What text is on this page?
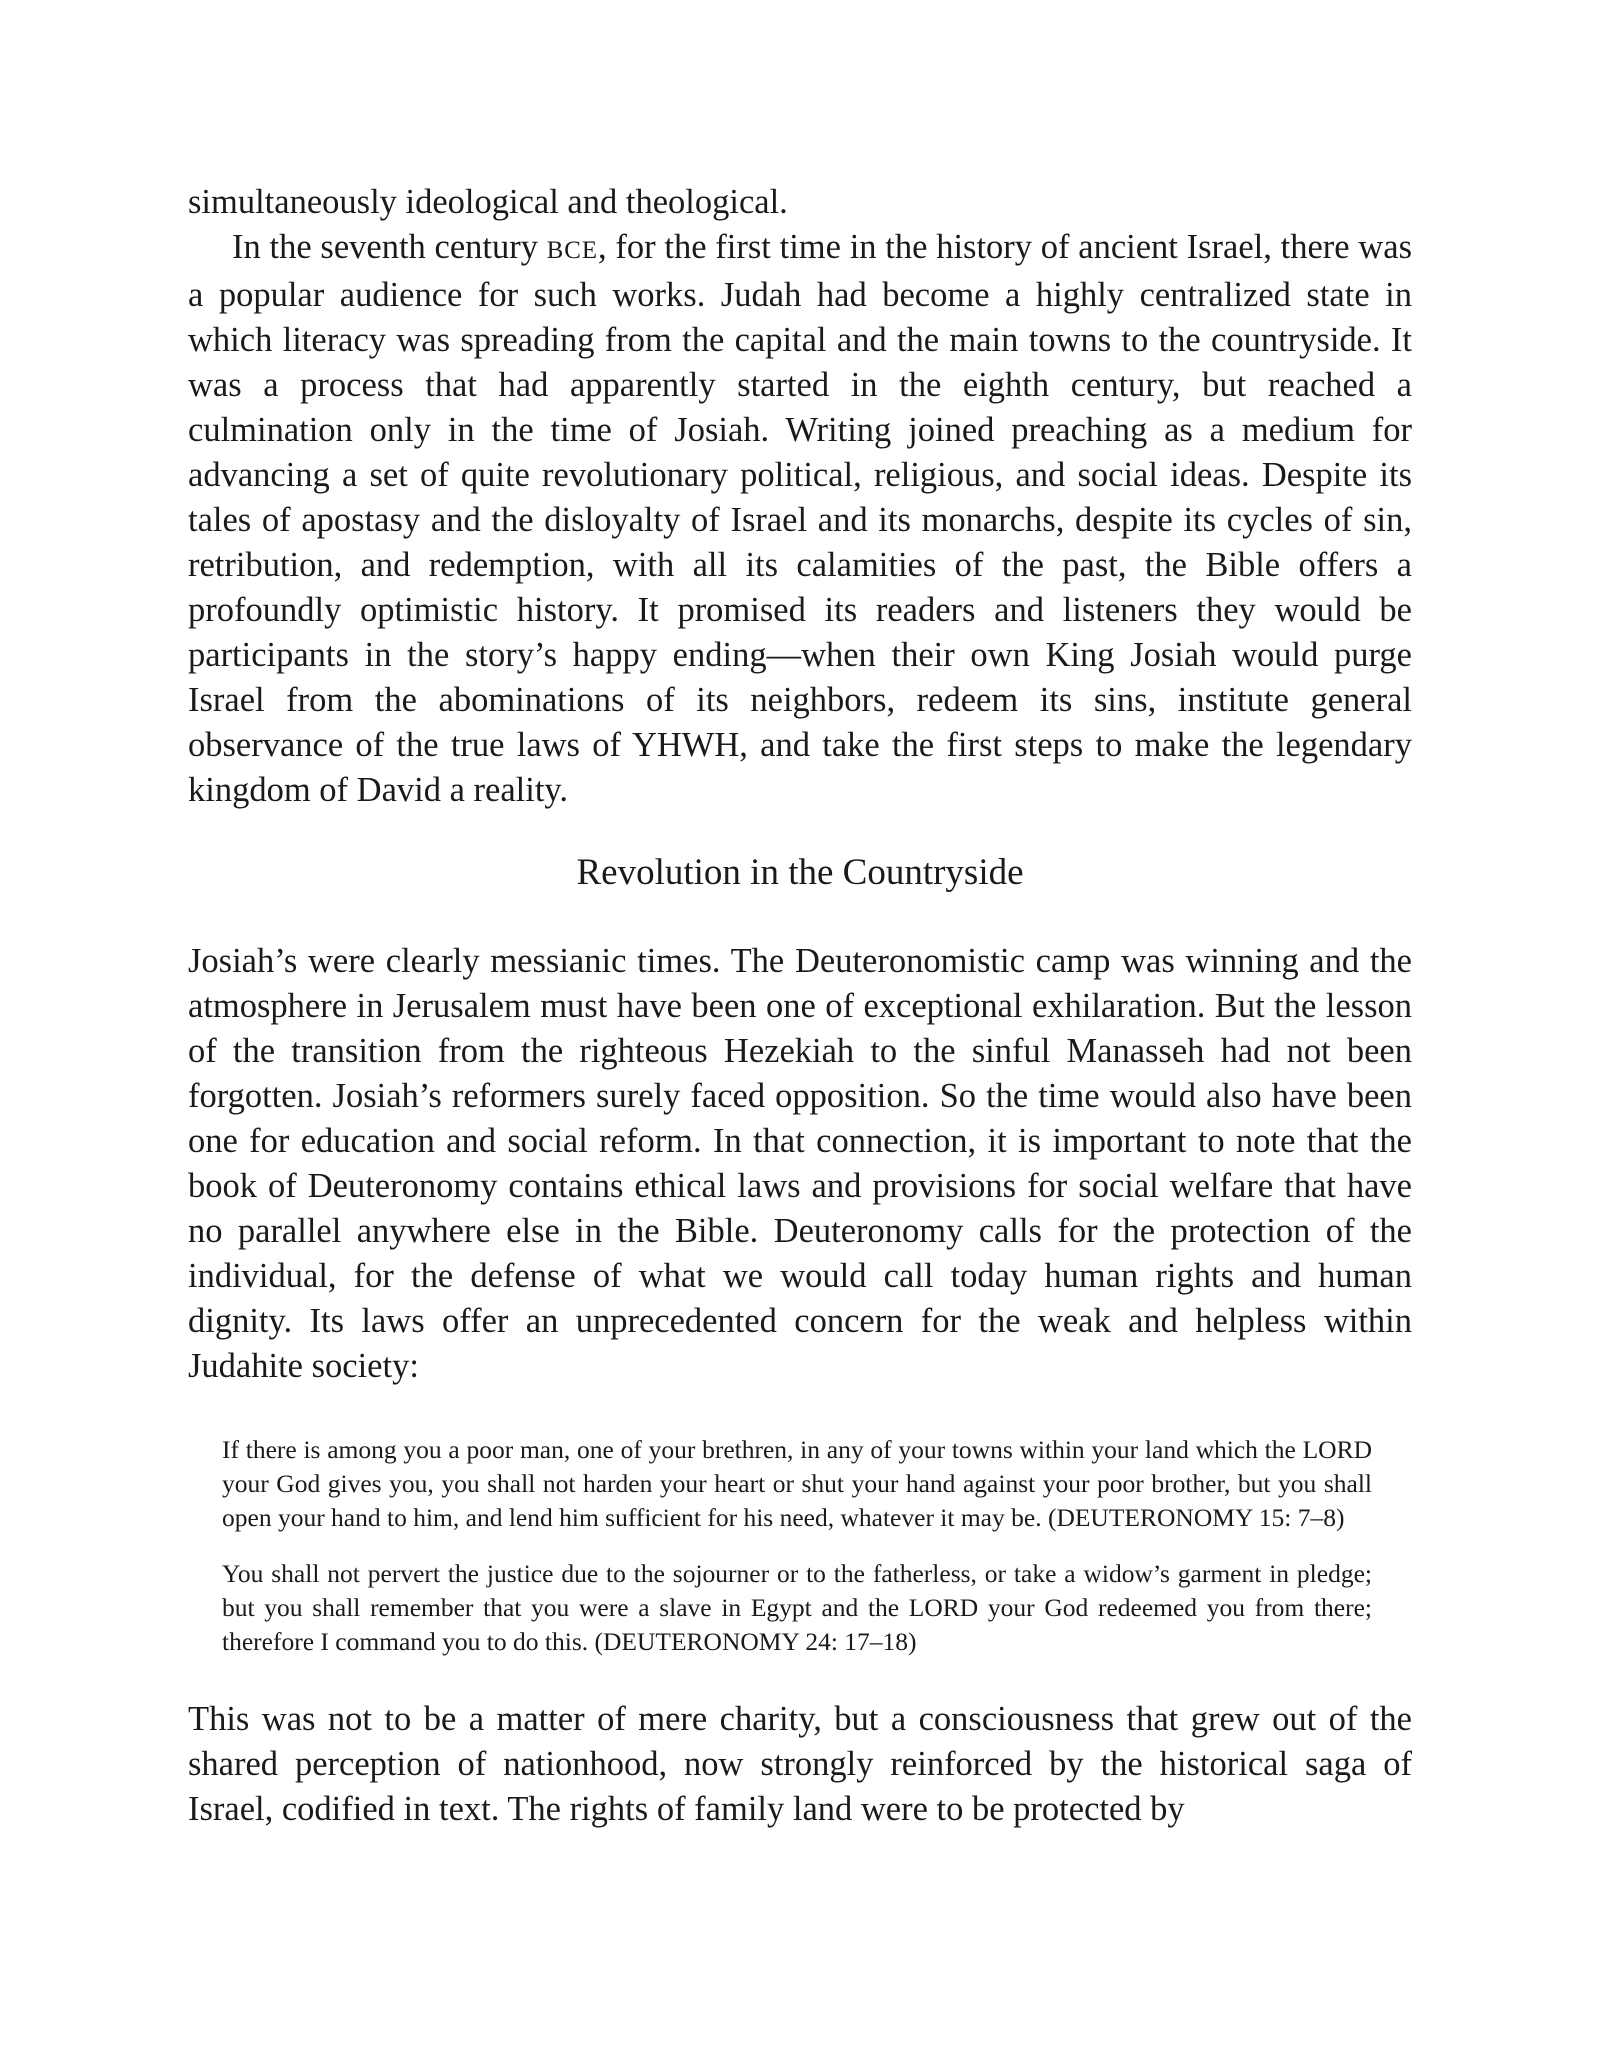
simultaneously ideological and theological.

In the seventh century BCE, for the first time in the history of ancient Israel, there was a popular audience for such works. Judah had become a highly centralized state in which literacy was spreading from the capital and the main towns to the countryside. It was a process that had apparently started in the eighth century, but reached a culmination only in the time of Josiah. Writing joined preaching as a medium for advancing a set of quite revolutionary political, religious, and social ideas. Despite its tales of apostasy and the disloyalty of Israel and its monarchs, despite its cycles of sin, retribution, and redemption, with all its calamities of the past, the Bible offers a profoundly optimistic history. It promised its readers and listeners they would be participants in the story’s happy ending—when their own King Josiah would purge Israel from the abominations of its neighbors, redeem its sins, institute general observance of the true laws of YHWH, and take the first steps to make the legendary kingdom of David a reality.

Revolution in the Countryside

Josiah’s were clearly messianic times. The Deuteronomistic camp was winning and the atmosphere in Jerusalem must have been one of exceptional exhilaration. But the lesson of the transition from the righteous Hezekiah to the sinful Manasseh had not been forgotten. Josiah’s reformers surely faced opposition. So the time would also have been one for education and social reform. In that connection, it is important to note that the book of Deuteronomy contains ethical laws and provisions for social welfare that have no parallel anywhere else in the Bible. Deuteronomy calls for the protection of the individual, for the defense of what we would call today human rights and human dignity. Its laws offer an unprecedented concern for the weak and helpless within Judahite society:

If there is among you a poor man, one of your brethren, in any of your towns within your land which the LORD your God gives you, you shall not harden your heart or shut your hand against your poor brother, but you shall open your hand to him, and lend him sufficient for his need, whatever it may be. (DEUTERONOMY 15: 7–8)

You shall not pervert the justice due to the sojourner or to the fatherless, or take a widow’s garment in pledge; but you shall remember that you were a slave in Egypt and the LORD your God redeemed you from there; therefore I command you to do this. (DEUTERONOMY 24: 17–18)

This was not to be a matter of mere charity, but a consciousness that grew out of the shared perception of nationhood, now strongly reinforced by the historical saga of Israel, codified in text. The rights of family land were to be protected by
